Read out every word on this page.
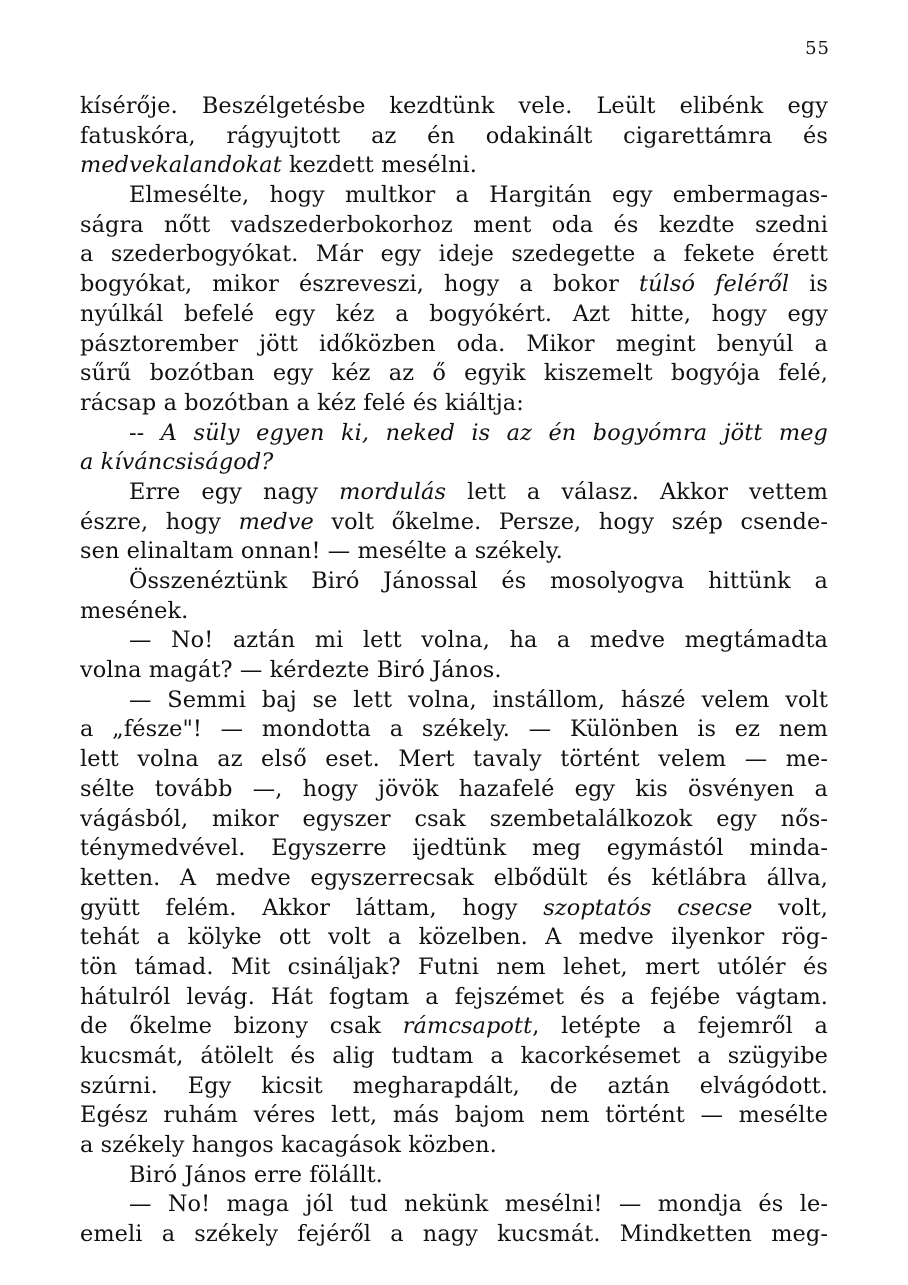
55
kísérője. Beszélgetésbe kezdtünk vele. Leült elibénk egy
fatuskóra, rágyujtott az én odakinált cigarettámra és
medvekalandokat kezdett mesélni.
Elmesélte, hogy multkor a Hargitán egy embermagas-
ságra nőtt vadszederbokorhoz ment oda és kezdte szedni
a szederbogyókat. Már egy ideje szedegette a fekete érett
bogyókat, mikor észreveszi, hogy a bokor túlsó feléről is
nyúlkál befelé egy kéz a bogyókért. Azt hitte, hogy egy
pásztorember jött időközben oda. Mikor megint benyúl a
sűrű bozótban egy kéz az ő egyik kiszemelt bogyója felé,
rácsap a bozótban a kéz felé és kiáltja:
-- A süly egyen ki, neked is az én bogyómra jött meg
a kíváncsiságod?
Erre egy nagy mordulás lett a válasz. Akkor vettem
észre, hogy medve volt őkelme. Persze, hogy szép csende-
sen elinaltam onnan! — mesélte a székely.
Összenéztünk Biró Jánossal és mosolyogva hittünk a
mesének.
— No! aztán mi lett volna, ha a medve megtámadta
volna magát? — kérdezte Biró János.
— Semmi baj se lett volna, instállom, hászé velem volt
a „fésze"! — mondotta a székely. — Különben is ez nem
lett volna az első eset. Mert tavaly történt velem — me-
sélte tovább —, hogy jövök hazafelé egy kis ösvényen a
vágásból, mikor egyszer csak szembetalálkozok egy nős-
ténymedvével. Egyszerre ijedtünk meg egymástól minda-
ketten. A medve egyszerrecsak elbődült és kétlábra állva,
gyütt felém. Akkor láttam, hogy szoptatós csecse volt,
tehát a kölyke ott volt a közelben. A medve ilyenkor rög-
tön támad. Mit csináljak? Futni nem lehet, mert utólér és
hátulról levág. Hát fogtam a fejszémet és a fejébe vágtam.
de őkelme bizony csak rámcsapott, letépte a fejemről a
kucsmát, átölelt és alig tudtam a kacorkésemet a szügyibe
szúrni. Egy kicsit megharapdált, de aztán elvágódott.
Egész ruhám véres lett, más bajom nem történt — mesélte
a székely hangos kacagások közben.
Biró János erre fölállt.
— No! maga jól tud nekünk mesélni! — mondja és le-
emeli a székely fejéről a nagy kucsmát. Mindketten meg-
